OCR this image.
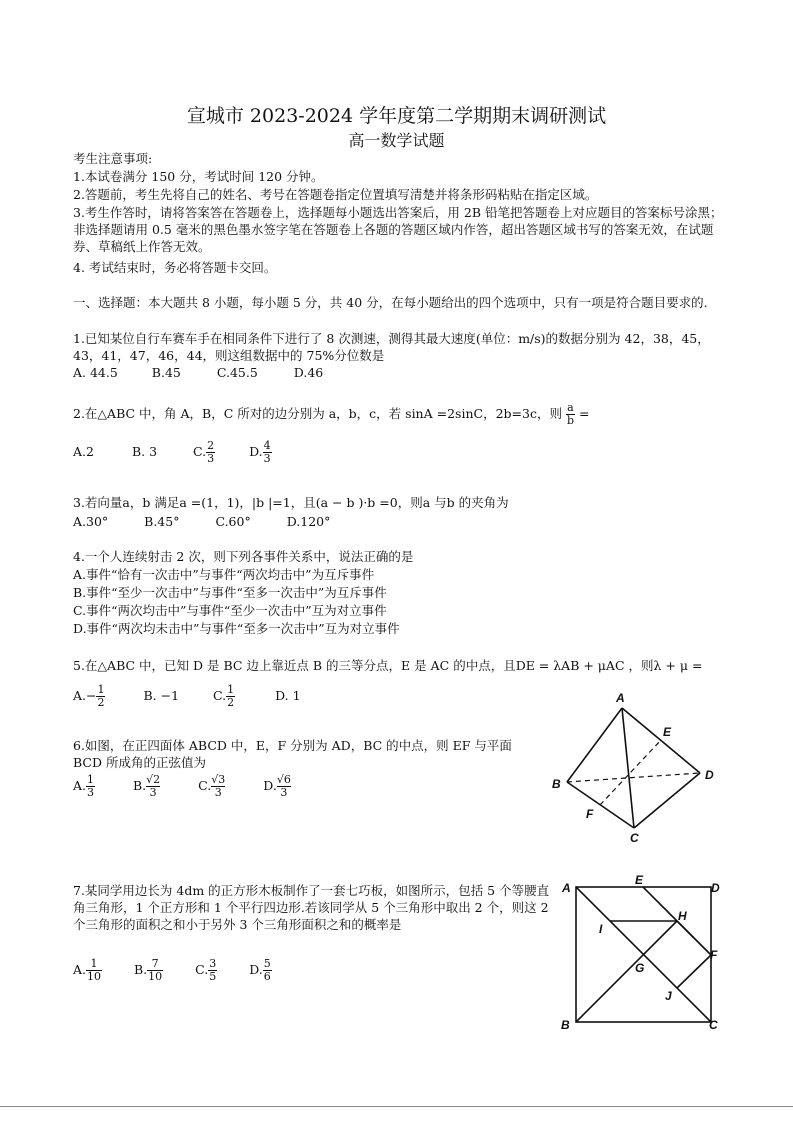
宣城市 2023-2024 学年度第二学期期末调研测试
高一数学试题
考生注意事项:
1.本试卷满分 150 分，考试时间 120 分钟。
2.答题前，考生先将自己的姓名、考号在答题卷指定位置填写清楚并将条形码粘贴在指定区域。
3.考生作答时，请将答案答在答题卷上，选择题每小题选出答案后，用 2B 铅笔把答题卷上对应题目的答案标号涂黑；非选择题请用 0.5 毫米的黑色墨水签字笔在答题卷上各题的答题区域内作答，超出答题区域书写的答案无效，在试题券、草稿纸上作答无效。
4. 考试结束时，务必将答题卡交回。
一、选择题：本大题共 8 小题，每小题 5 分，共 40 分，在每小题给出的四个选项中，只有一项是符合题目要求的.
1.已知某位自行车赛车手在相同条件下进行了 8 次测速，测得其最大速度(单位：m/s)的数据分别为 42，38，45，43，41，47，46，44，则这组数据中的 75%分位数是
A. 44.5	B.45	C.45.5	D.46
2.在△ABC 中，角 A，B，C 所对的边分别为 a，b，c，若 sinA =2sinC，2b=3c，则 $\frac{a}{b}$ =
A.2	B. 3	C. $\frac{2}{3}$	D. $\frac{4}{3}$
3.若向量a，b 满足a =(1，1)，|b |=1，且(a − b )·b =0，则a 与b 的夹角为
A.30°	B.45°	C.60°	D.120°
4.一个人连续射击 2 次，则下列各事件关系中，说法正确的是
A.事件“恰有一次击中”与事件“两次均击中”为互斥事件
B.事件“至少一次击中”与事件“至多一次击中”为互斥事件
C.事件“两次均击中”与事件“至少一次击中”互为对立事件
D.事件“两次均未击中”与事件“至多一次击中”互为对立事件
5.在△ABC 中，已知 D 是 BC 边上靠近点 B 的三等分点，E 是 AC 的中点，且DE = λAB + μAC ，则λ + μ =
$A.- \frac{1}{2}$	B. −1	C. $\frac{1}{2}$	D. 1
6.如图，在正四面体 ABCD 中，E，F 分别为 AD，BC 的中点，则 EF 与平面 BCD 所成角的正弦值为
A. $\frac{1}{3}$	B. $\frac{√2}{3}$	C. $\frac{√3}{3}$	D. $\frac{√6}{3}$
7.某同学用边长为 4dm 的正方形木板制作了一套七巧板，如图所示，包括 5 个等腰直角三角形，1 个正方形和 1 个平行四边形.若该同学从 5 个三角形中取出 2 个，则这 2 个三角形的面积之和小于另外 3 个三角形面积之和的概率是
A. $\frac{1}{10}$	B. $\frac{7}{10}$	C. $\frac{3}{5}$	D. $\frac{5}{6}$
A
B
C
D
E
F
A
E
D
H
I
F
G
J
B	C
